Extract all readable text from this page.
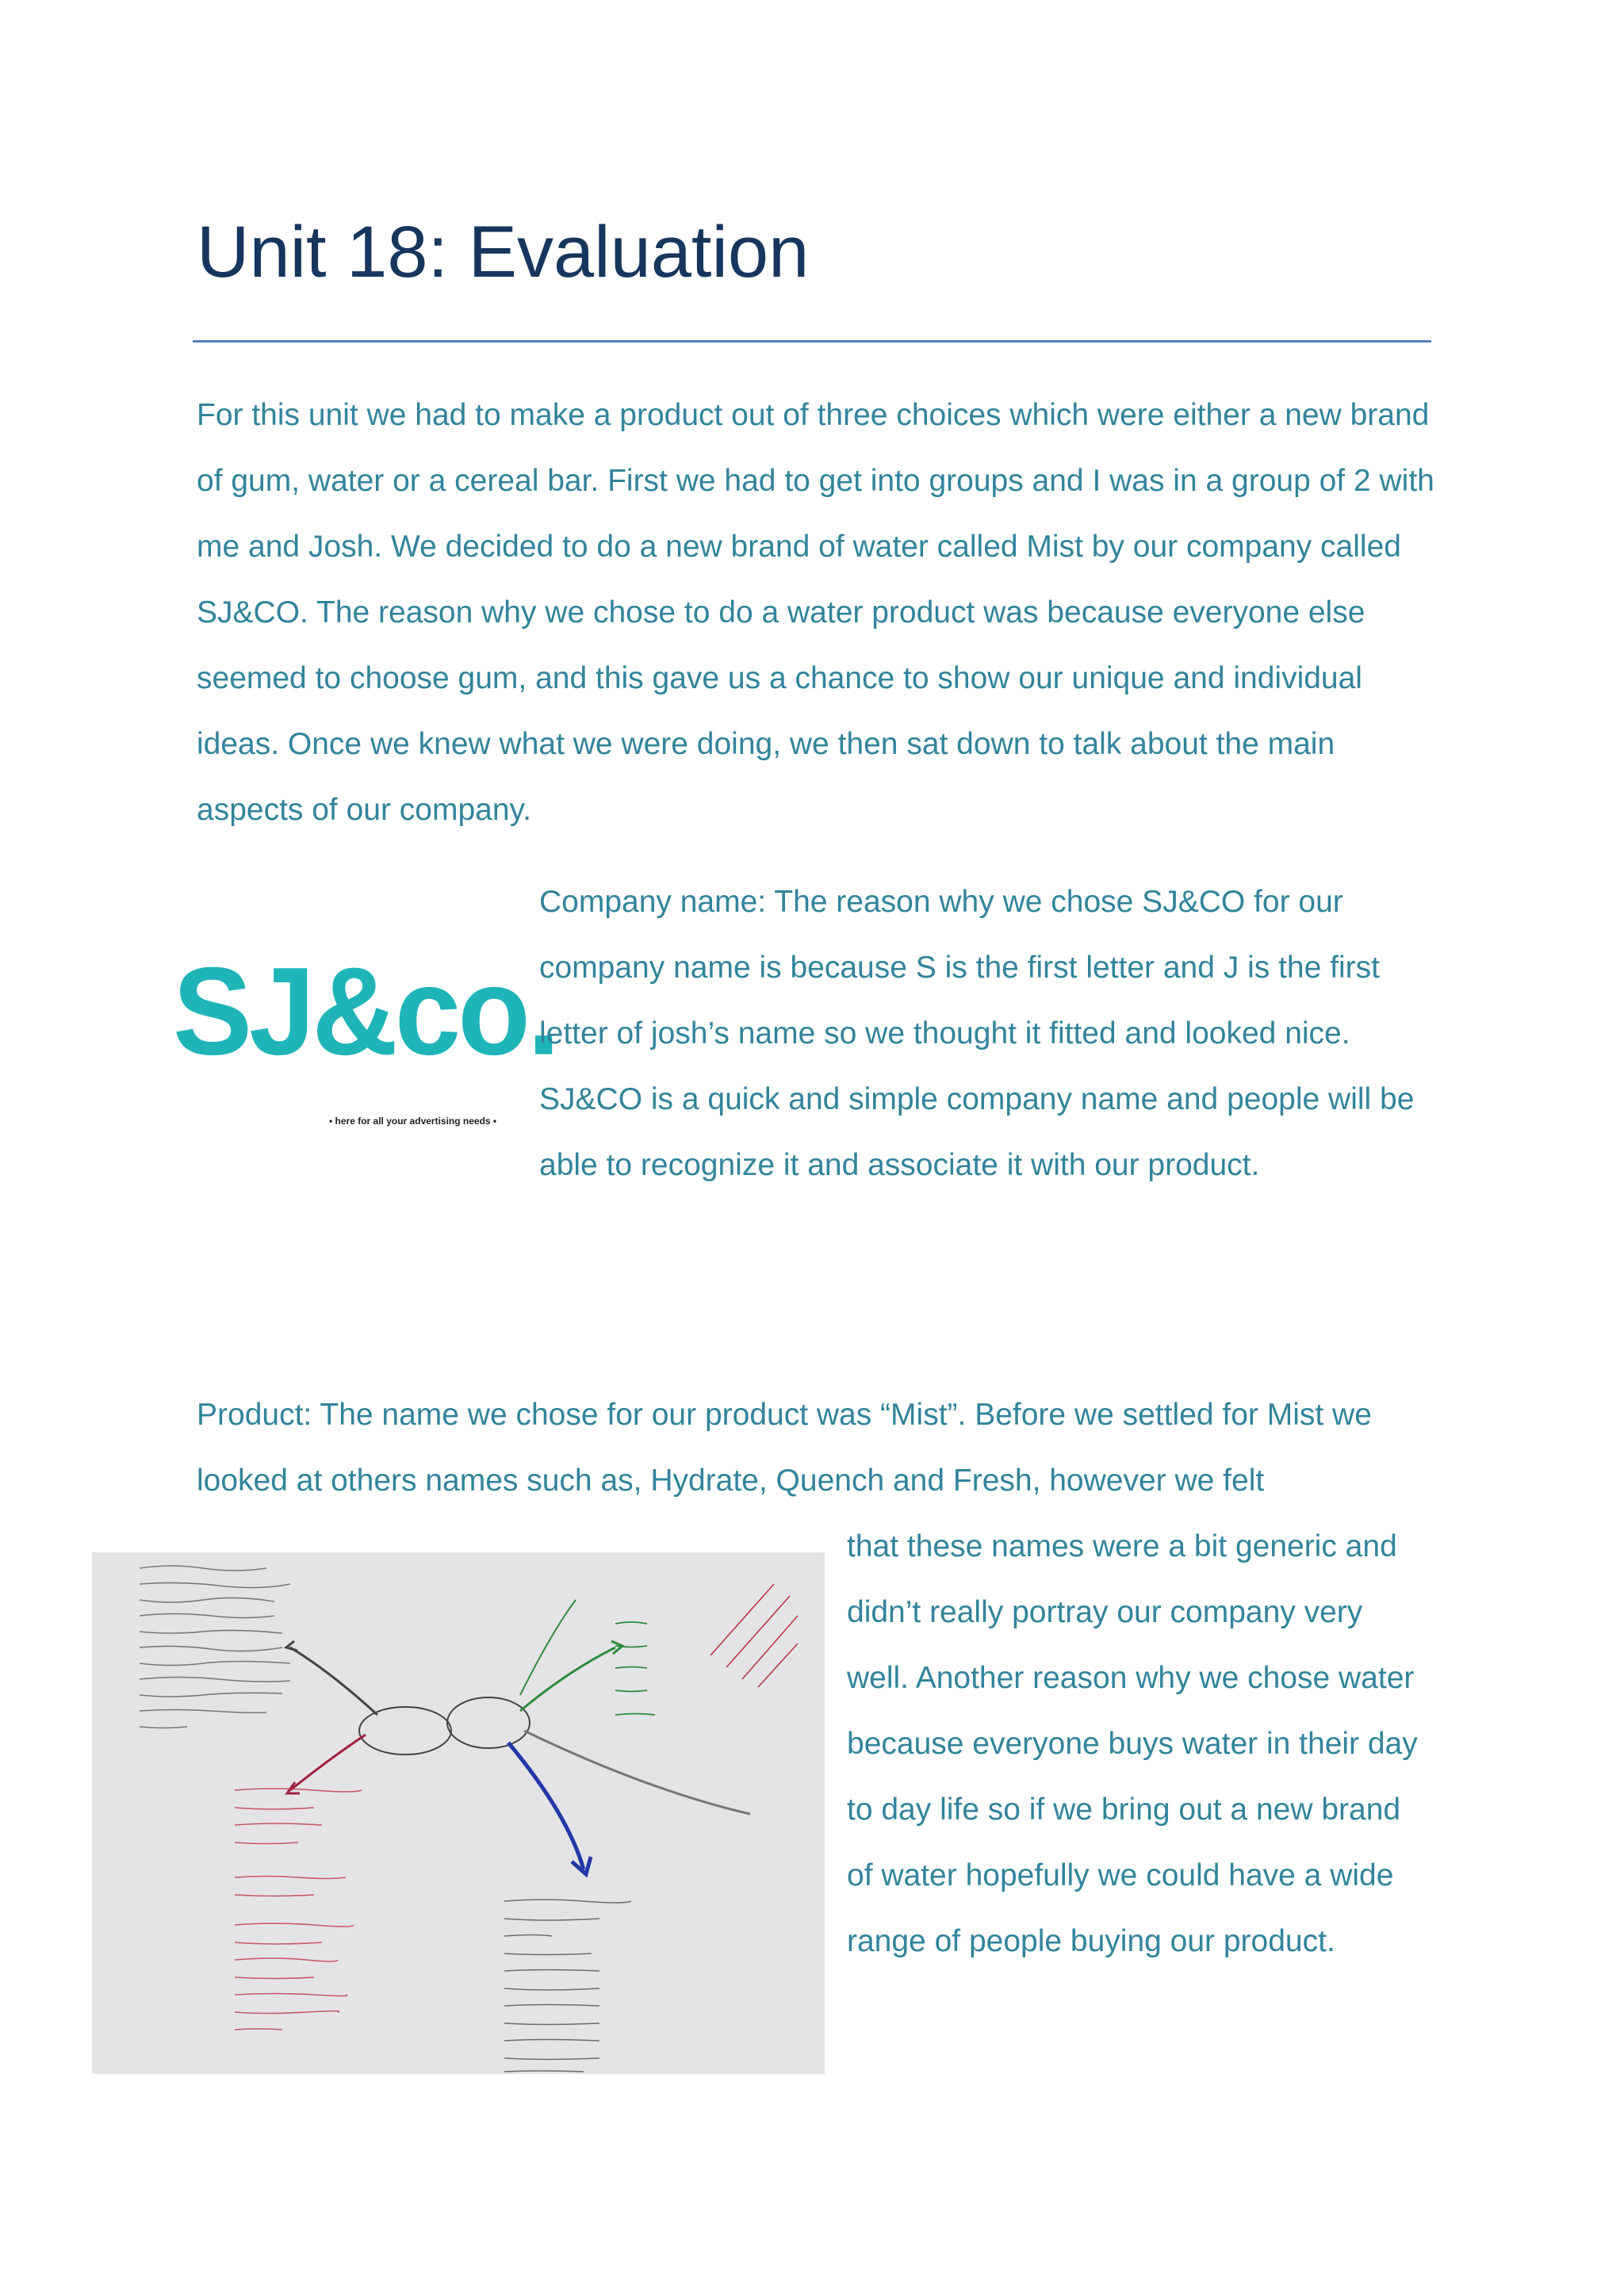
Unit 18: Evaluation

For this unit we had to make a product out of three choices which were either a new brand of gum, water or a cereal bar. First we had to get into groups and I was in a group of 2 with me and Josh. We decided to do a new brand of water called Mist by our company called SJ&CO. The reason why we chose to do a water product was because everyone else seemed to choose gum, and this gave us a chance to show our unique and individual ideas. Once we knew what we were doing, we then sat down to talk about the main aspects of our company.

SJ&co.
• here for all your advertising needs •

Company name: The reason why we chose SJ&CO for our company name is because S is the first letter and J is the first letter of josh’s name so we thought it fitted and looked nice. SJ&CO is a quick and simple company name and people will be able to recognize it and associate it with our product.

Product: The name we chose for our product was “Mist”. Before we settled for Mist we looked at others names such as, Hydrate, Quench and Fresh, however we felt

that these names were a bit generic and didn’t really portray our company very well. Another reason why we chose water because everyone buys water in their day to day life so if we bring out a new brand of water hopefully we could have a wide range of people buying our product.
